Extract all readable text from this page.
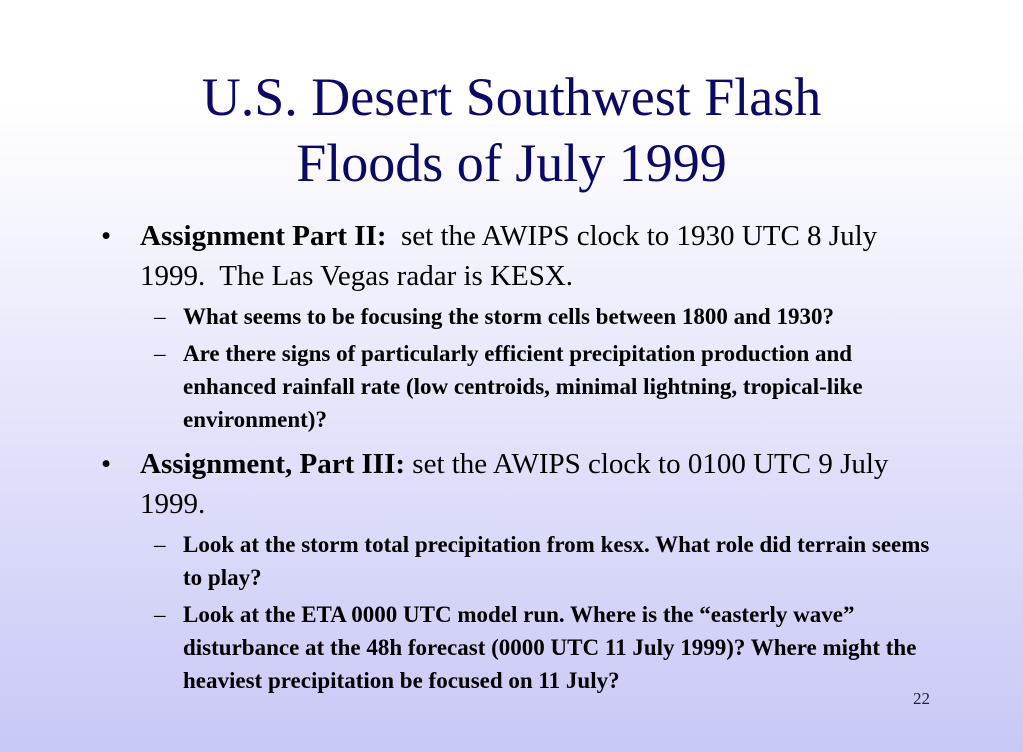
U.S. Desert Southwest Flash
Floods of July 1999
• Assignment Part II:  set the AWIPS clock to 1930 UTC 8 July 1999.  The Las Vegas radar is KESX.
– What seems to be focusing the storm cells between 1800 and 1930?
– Are there signs of particularly efficient precipitation production and enhanced rainfall rate (low centroids, minimal lightning, tropical-like environment)?
• Assignment, Part III: set the AWIPS clock to 0100 UTC 9 July 1999.
– Look at the storm total precipitation from kesx. What role did terrain seems to play?
– Look at the ETA 0000 UTC model run. Where is the “easterly wave” disturbance at the 48h forecast (0000 UTC 11 July 1999)? Where might the heaviest precipitation be focused on 11 July?
22
